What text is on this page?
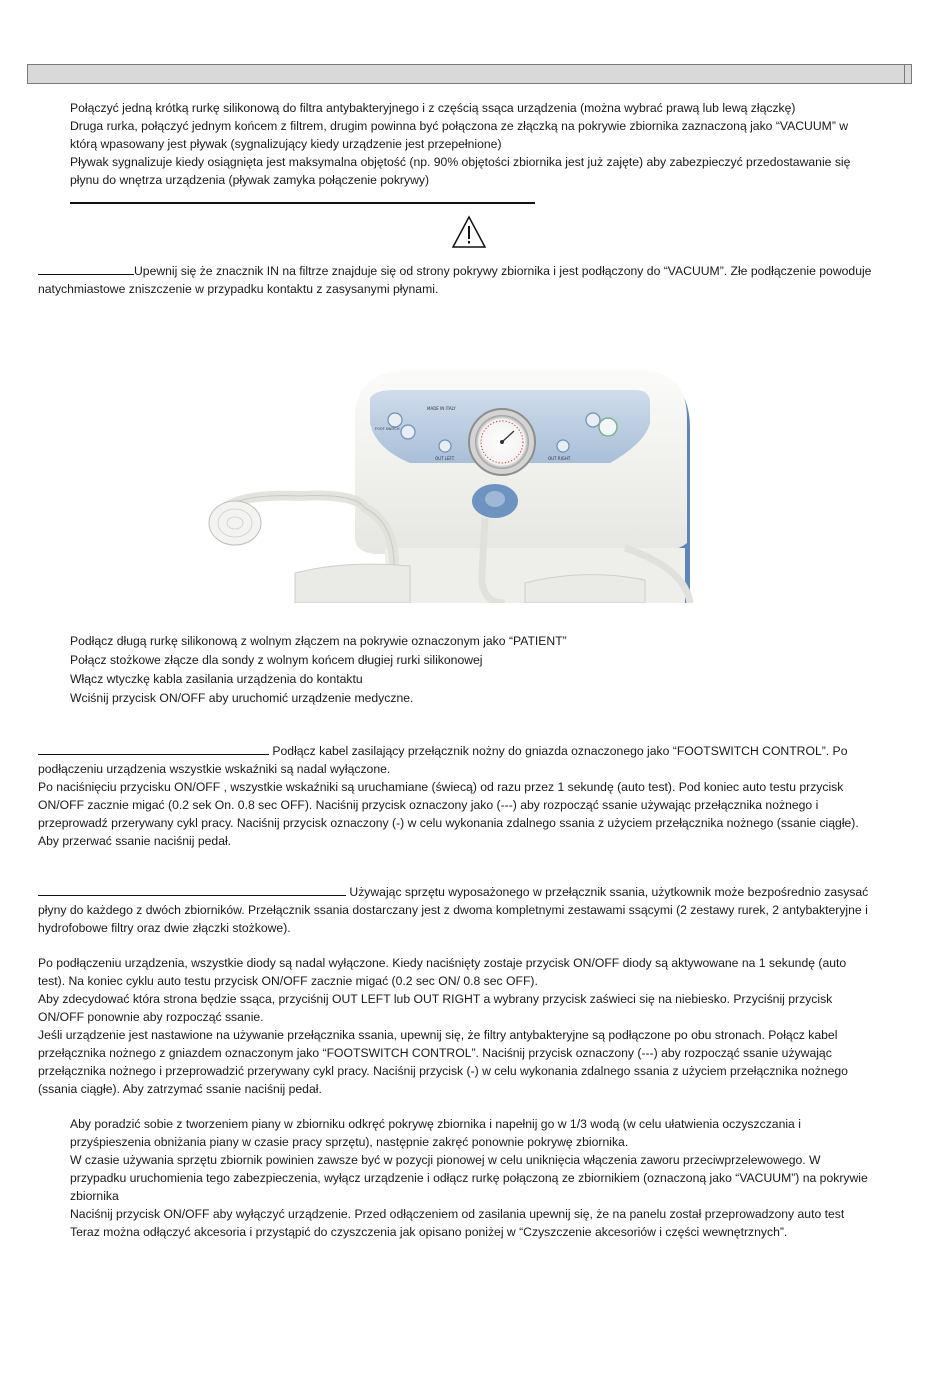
Połączyć jedną krótką rurkę silikonową do filtra antybakteryjnego i z częścią ssąca urządzenia (można wybrać prawą lub lewą złączkę)

Druga rurka, połączyć jednym końcem z filtrem, drugim powinna być połączona ze złączką na pokrywie zbiornika zaznaczoną jako “VACUUM” w

którą wpasowany jest pływak (sygnalizujący kiedy urządzenie jest przepełnione)

Pływak sygnalizuje kiedy osiągnięta jest maksymalna objętość (np. 90% objętości zbiornika jest już zajęte) aby zabezpieczyć przedostawanie się

płynu do wnętrza urządzenia (pływak zamyka połączenie pokrywy)

Upewnij się że znacznik IN na filtrze znajduje się od strony pokrywy zbiornika i jest podłączony do “VACUUM”. Złe podłączenie powoduje

natychmiastowe zniszczenie w przypadku kontaktu z zasysanymi płynami.

MADE IN ITALY
OUT LEFT	OUT RIGHT
FOOT SWITCH

Podłącz długą rurkę silikonową z wolnym złączem na pokrywie oznaczonym jako “PATIENT”

Połącz stożkowe złącze dla sondy z wolnym końcem długiej rurki silikonowej

Włącz wtyczkę kabla zasilania urządzenia do kontaktu

Wciśnij przycisk ON/OFF aby uruchomić urządzenie medyczne.

Podłącz kabel zasilający przełącznik nożny do gniazda oznaczonego jako “FOOTSWITCH CONTROL”. Po

podłączeniu urządzenia wszystkie wskaźniki są nadal wyłączone.

Po naciśnięciu przycisku ON/OFF , wszystkie wskaźniki są uruchamiane (świecą) od razu przez 1 sekundę (auto test). Pod koniec auto testu przycisk

ON/OFF zacznie migać (0.2 sek On. 0.8 sec OFF). Naciśnij przycisk oznaczony jako (---) aby rozpocząć ssanie używając przełącznika nożnego i

przeprowadź przerywany cykl pracy. Naciśnij przycisk oznaczony (-) w celu wykonania zdalnego ssania z użyciem przełącznika nożnego (ssanie ciągłe).

Aby przerwać ssanie naciśnij pedał.

Używając sprzętu wyposażonego w przełącznik ssania, użytkownik może bezpośrednio zasysać

płyny do każdego z dwóch zbiorników. Przełącznik ssania dostarczany jest z dwoma kompletnymi zestawami ssącymi (2 zestawy rurek, 2 antybakteryjne i

hydrofobowe filtry oraz dwie złączki stożkowe).

Po podłączeniu urządzenia, wszystkie diody są nadal wyłączone. Kiedy naciśnięty zostaje przycisk ON/OFF diody są aktywowane na 1 sekundę (auto

test). Na koniec cyklu auto testu przycisk ON/OFF zacznie migać (0.2 sec ON/ 0.8 sec OFF).

Aby zdecydować która strona będzie ssąca, przyciśnij OUT LEFT lub OUT RIGHT a wybrany przycisk zaświeci się na niebiesko. Przyciśnij przycisk

ON/OFF ponownie aby rozpocząć ssanie.

Jeśli urządzenie jest nastawione na używanie przełącznika ssania, upewnij się, że filtry antybakteryjne są podłączone po obu stronach. Połącz kabel

przełącznika nożnego z gniazdem oznaczonym jako “FOOTSWITCH CONTROL”. Naciśnij przycisk oznaczony (---) aby rozpocząć ssanie używając

przełącznika nożnego i przeprowadzić przerywany cykl pracy. Naciśnij przycisk (-) w celu wykonania zdalnego ssania z użyciem przełącznika nożnego

(ssania ciągłe). Aby zatrzymać ssanie naciśnij pedał.

Aby poradzić sobie z tworzeniem piany w zbiorniku odkręć pokrywę zbiornika i napełnij go w 1/3 wodą (w celu ułatwienia oczyszczania i

przyśpieszenia obniżania piany w czasie pracy sprzętu), następnie zakręć ponownie pokrywę zbiornika.

W czasie używania sprzętu zbiornik powinien zawsze być w pozycji pionowej w celu uniknięcia włączenia zaworu przeciwprzelewowego. W

przypadku uruchomienia tego zabezpieczenia, wyłącz urządzenie i odłącz rurkę połączoną ze zbiornikiem (oznaczoną jako “VACUUM”) na pokrywie

zbiornika

Naciśnij przycisk ON/OFF aby wyłączyć urządzenie. Przed odłączeniem od zasilania upewnij się, że na panelu został przeprowadzony auto test

Teraz można odłączyć akcesoria i przystąpić do czyszczenia jak opisano poniżej w “Czyszczenie akcesoriów i części wewnętrznych”.
